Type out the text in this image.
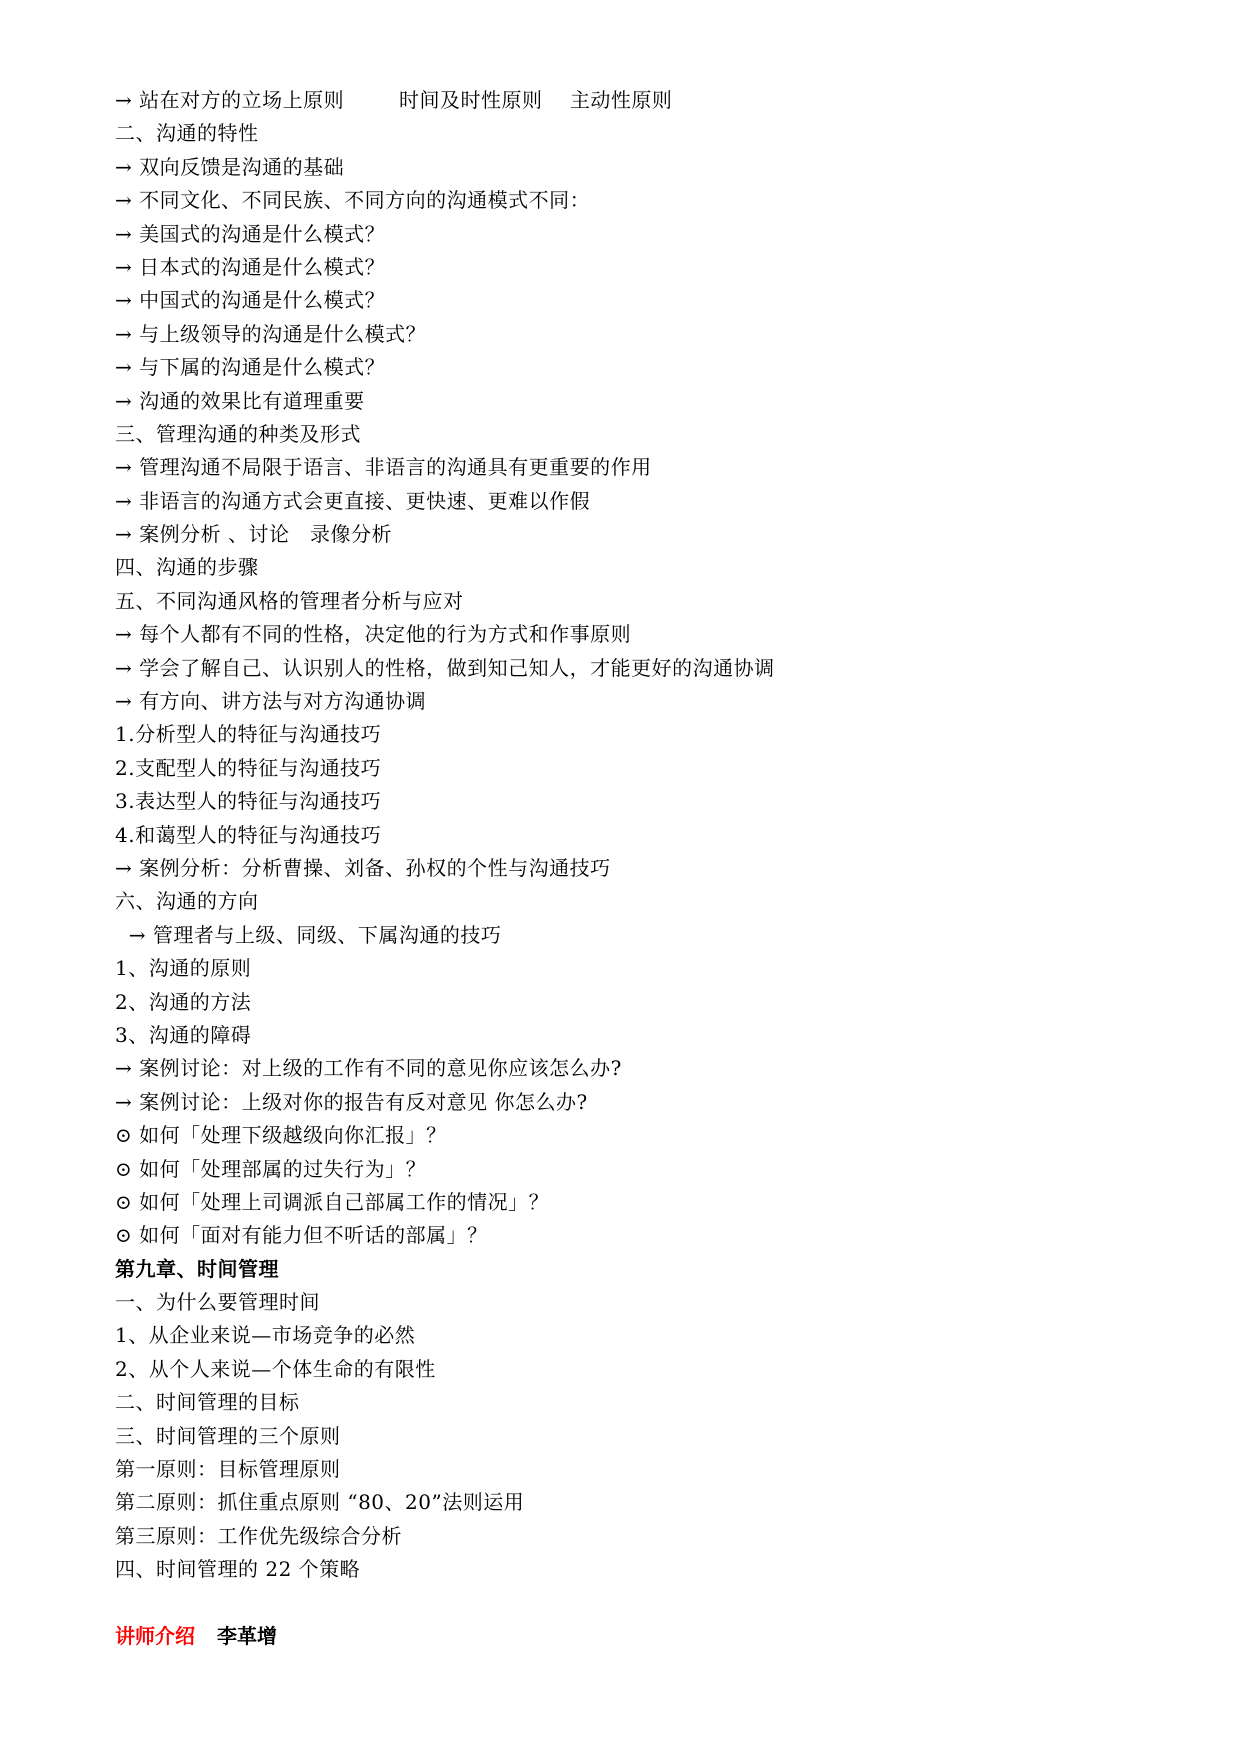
→ 站在对方的立场上原则        时间及时性原则    主动性原则
二、沟通的特性
→ 双向反馈是沟通的基础
→ 不同文化、不同民族、不同方向的沟通模式不同：
→ 美国式的沟通是什么模式？
→ 日本式的沟通是什么模式？
→ 中国式的沟通是什么模式？
→ 与上级领导的沟通是什么模式？
→ 与下属的沟通是什么模式？
→ 沟通的效果比有道理重要
三、管理沟通的种类及形式
→ 管理沟通不局限于语言、非语言的沟通具有更重要的作用
→ 非语言的沟通方式会更直接、更快速、更难以作假
→ 案例分析 、讨论   录像分析
四、沟通的步骤
五、不同沟通风格的管理者分析与应对
→ 每个人都有不同的性格，决定他的行为方式和作事原则
→ 学会了解自己、认识别人的性格，做到知己知人，才能更好的沟通协调
→ 有方向、讲方法与对方沟通协调
1.分析型人的特征与沟通技巧
2.支配型人的特征与沟通技巧
3.表达型人的特征与沟通技巧
4.和蔼型人的特征与沟通技巧
→ 案例分析：分析曹操、刘备、孙权的个性与沟通技巧
六、沟通的方向
→ 管理者与上级、同级、下属沟通的技巧
1、沟通的原则
2、沟通的方法
3、沟通的障碍
→ 案例讨论：对上级的工作有不同的意见你应该怎么办?
→ 案例讨论：上级对你的报告有反对意见 你怎么办?
⊙ 如何「处理下级越级向你汇报」？
⊙ 如何「处理部属的过失行为」？
⊙ 如何「处理上司调派自己部属工作的情况」？
⊙ 如何「面对有能力但不听话的部属」？
第九章、时间管理
一、为什么要管理时间
1、从企业来说—市场竞争的必然
2、从个人来说—个体生命的有限性
二、时间管理的目标
三、时间管理的三个原则
第一原则：目标管理原则
第二原则：抓住重点原则 “80、20”法则运用
第三原则：工作优先级综合分析
四、时间管理的 22 个策略
讲师介绍 李革增
